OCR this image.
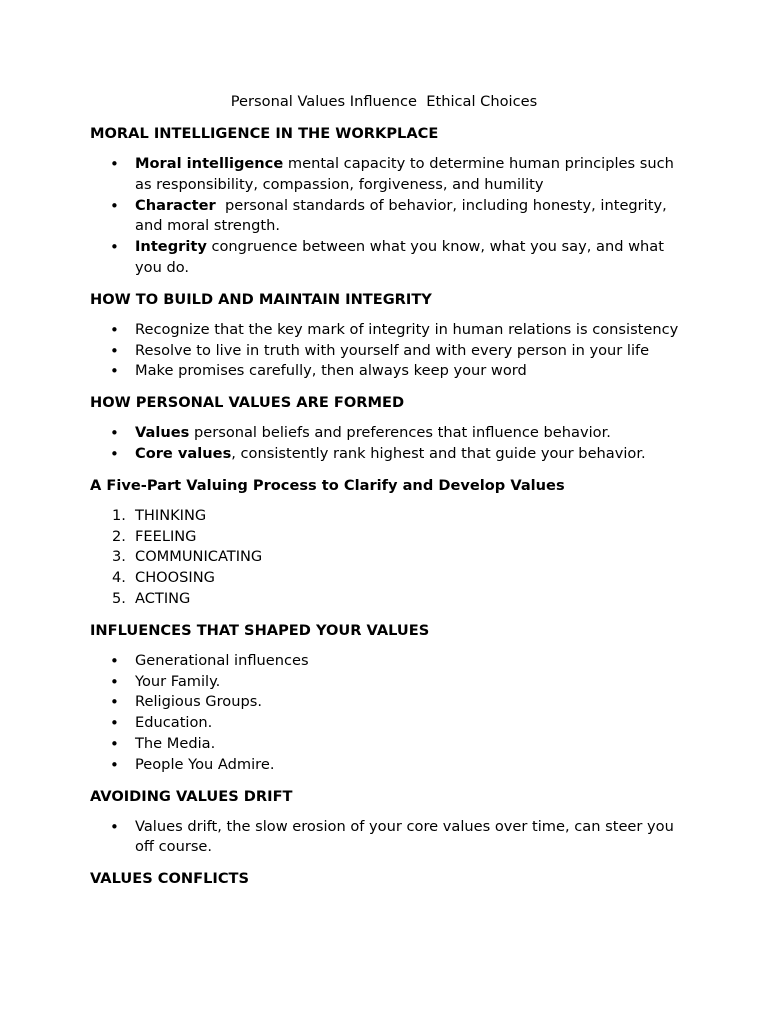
Personal Values Influence  Ethical Choices
MORAL INTELLIGENCE IN THE WORKPLACE
• Moral intelligence mental capacity to determine human principles such as responsibility, compassion, forgiveness, and humility
• Character  personal standards of behavior, including honesty, integrity, and moral strength.
• Integrity congruence between what you know, what you say, and what you do.
HOW TO BUILD AND MAINTAIN INTEGRITY
• Recognize that the key mark of integrity in human relations is consistency
• Resolve to live in truth with yourself and with every person in your life
• Make promises carefully, then always keep your word
HOW PERSONAL VALUES ARE FORMED
• Values personal beliefs and preferences that influence behavior.
• Core values, consistently rank highest and that guide your behavior.
A Five-Part Valuing Process to Clarify and Develop Values
1. THINKING
2. FEELING
3. COMMUNICATING
4. CHOOSING
5. ACTING
INFLUENCES THAT SHAPED YOUR VALUES
• Generational influences
• Your Family.
• Religious Groups.
• Education.
• The Media.
• People You Admire.
AVOIDING VALUES DRIFT
• Values drift, the slow erosion of your core values over time, can steer you off course.
VALUES CONFLICTS
